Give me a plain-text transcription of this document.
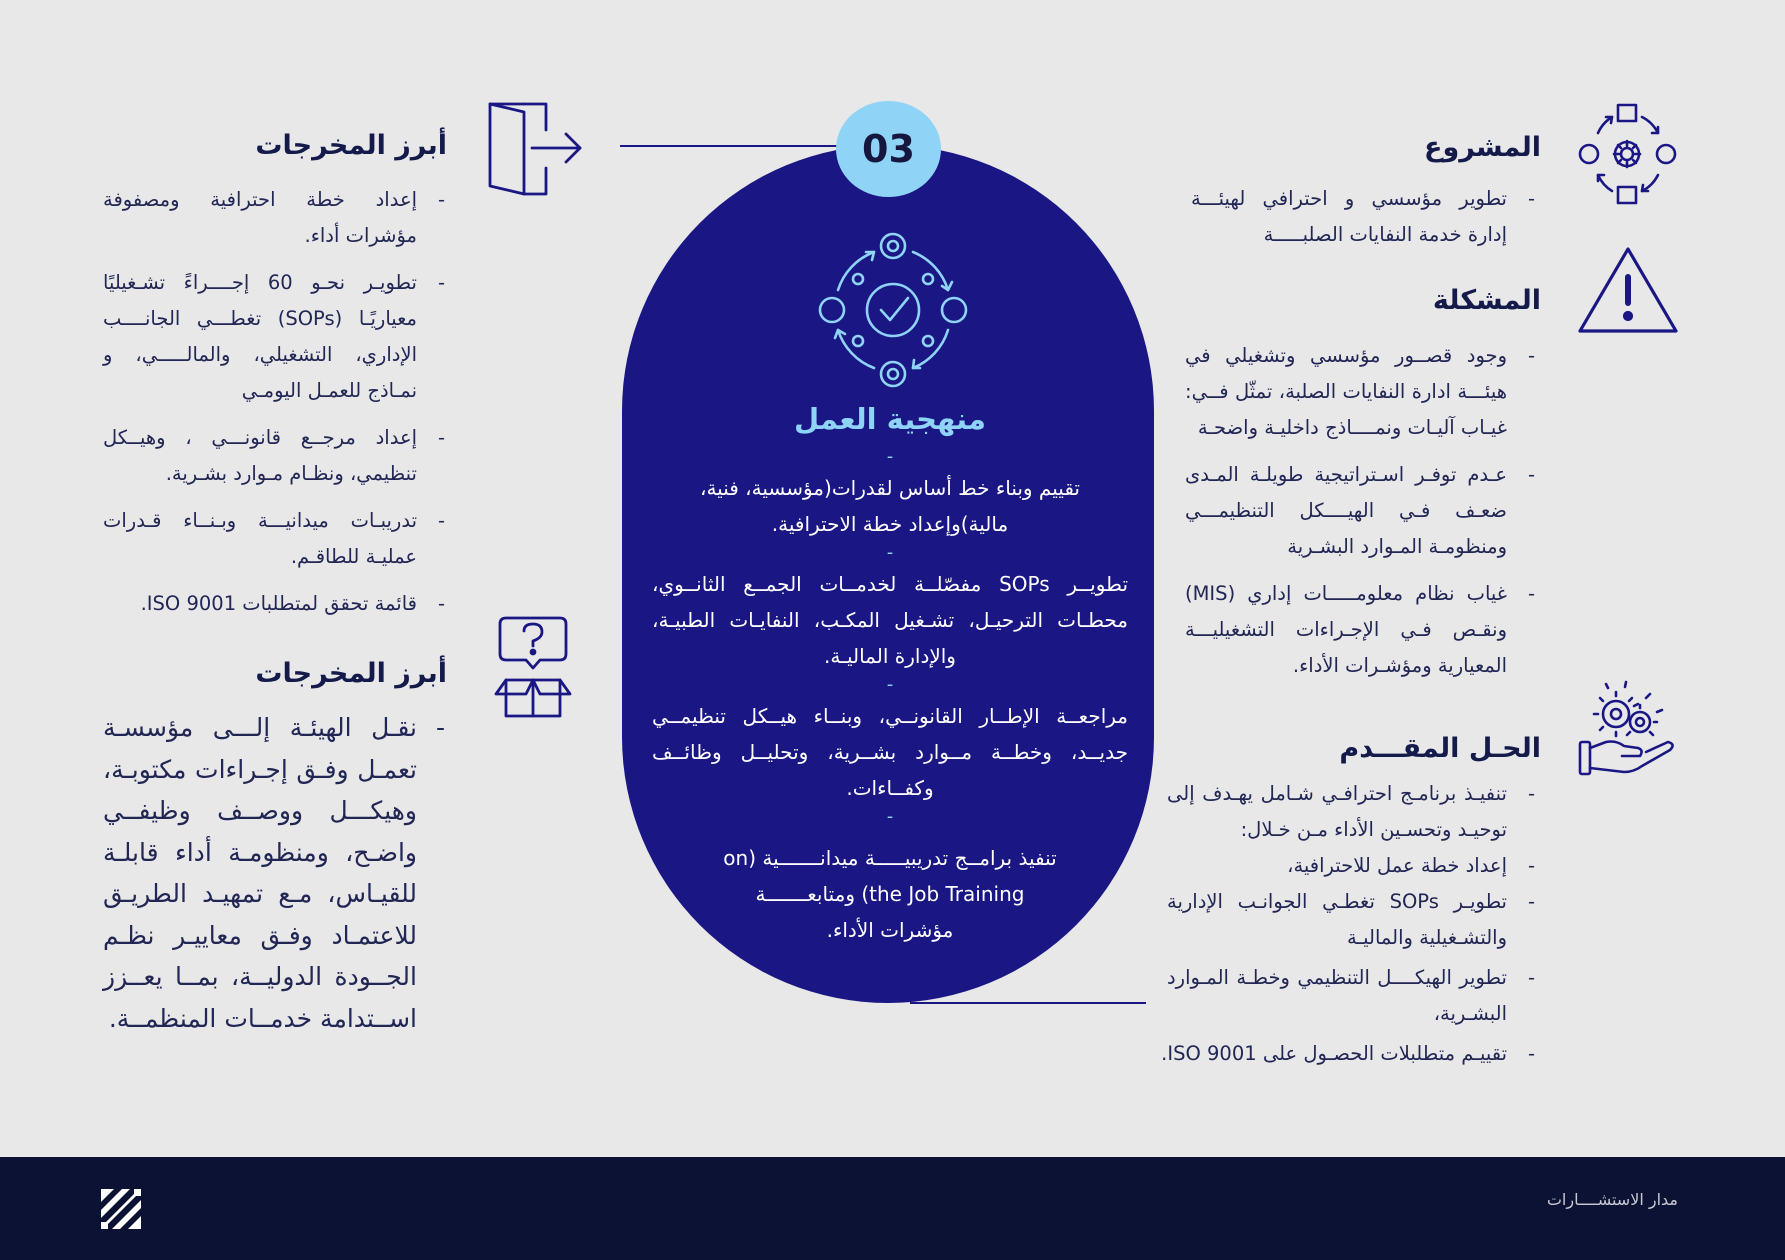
المشروع
- تطوير مؤسسي و احترافي لهيئـــة إدارة خدمة النفايات الصلبـــــة
المشكلة
- وجود قصــور مؤسسي وتشغيلي في هيئـــة ادارة النفايات الصلبة، تمثّل فــي: غيـاب آليـات ونمــــاذج داخليـة واضحـة
- عـدم توفـر اسـتراتيجية طويلـة المـدى ضعـف فـي الهيــــكل التنظيمـــي ومنظومـة المـوارد البشـرية
- غياب نظام معلومـــــات إداري (MIS) ونقـص فـي الإجـراءات التشغيليـــة المعيارية ومؤشـرات الأداء.
الحـل المقـــدم
- تنفيـذ برنامـج احترافـي شـامل يهـدف إلى توحيـد وتحسـين الأداء مـن خـلال:
- إعداد خطة عمل للاحترافية،
- تطويـر SOPs تغطـي الجوانـب الإدارية والتشـغيلية والماليـة
- تطوير الهيكــــل التنظيمي وخطـة المـوارد البشـرية،
- تقييـم متطلبلات الحصـول على ISO 9001.
03
منهجية العمل
-

تقييم وبناء خط أساس لقدرات(مؤسسية، فنية، مالية)وإعداد خطة الاحترافية.

-

تطويــر SOPs مفصّلــة لخدمــات الجمــع الثانــوي، محطـات الترحيـل، تشـغيل المكـب، النفايـات الطبيـة، والإدارة الماليـة.

-

مراجعــة الإطــار القانونــي، وبنــاء هيــكل تنظيمــي جديــد، وخطــة مــوارد بشــرية، وتحليــل وظائــف وكفــاءات.

-

تنفيذ برامــج تدريبيـــــة ميدانـــــــية (on the Job Training) ومتابعـــــــة مؤشرات الأداء.

أبرز المخرجات
- إعداد خطة احترافية ومصفوفة مؤشرات أداء.
- تطويـر نحـو 60 إجــــراءً تشـغيليًا معياريًـا (SOPs) تغطـــي الجانــــب الإداري، التشغيلي، والمالـــــي، و نمـاذج للعمـل اليومـي
- إعداد مرجــع قانونـــي ، وهيــكل تنظيمي، ونظـام مـوارد بشـرية.
- تدريبـات ميدانيـــة وبـنــاء قـدرات عمليـة للطاقـم.
- قائمة تحقق لمتطلبات ISO 9001.
أبرز المخرجات
- نقـل الهيئـة إلـــى مؤسسـة تعمـل وفـق إجـراءات مكتوبـة، وهيكـــل ووصــف وظيفــي واضـح، ومنظومـة أداء قابلـة للقيـاس، مـع تمهيـد الطريـق للاعتمـاد وفـق معاييـر نظـم الجــودة الدوليــة، بمــا يعــزز اســتدامة خدمــات المنظمــة.
مدار الاستشــــارات
